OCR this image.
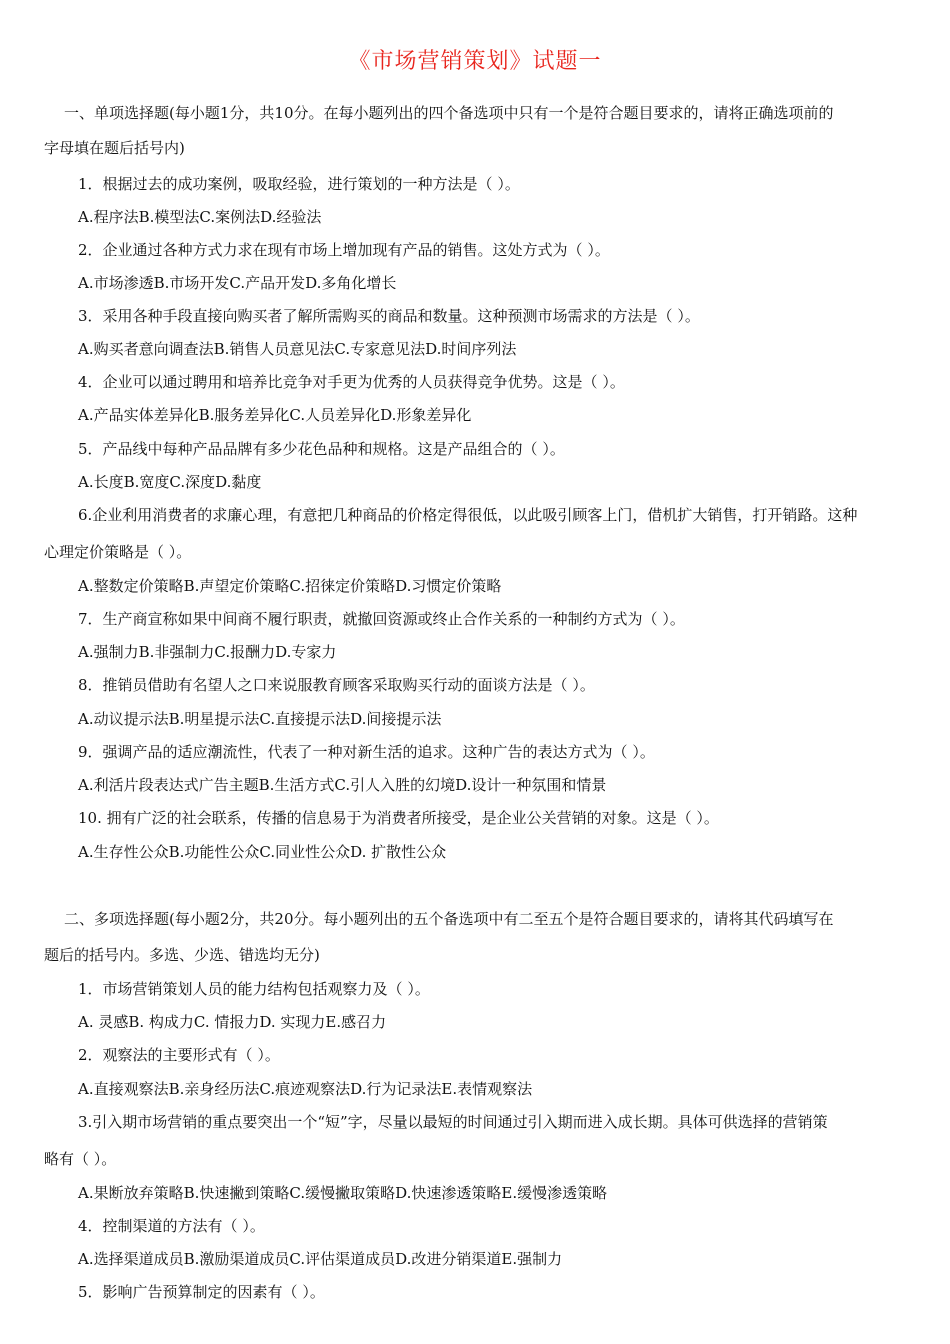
《市场营销策划》试题一
一、单项选择题(每小题1分，共10分。在每小题列出的四个备选项中只有一个是符合题目要求的，请将正确选项前的
字母填在题后括号内)
1．根据过去的成功案例，吸取经验，进行策划的一种方法是（ ）。
A.程序法B.模型法C.案例法D.经验法
2．企业通过各种方式力求在现有市场上增加现有产品的销售。这处方式为（ ）。
A.市场渗透B.市场开发C.产品开发D.多角化增长
3．采用各种手段直接向购买者了解所需购买的商品和数量。这种预测市场需求的方法是（ ）。
A.购买者意向调查法B.销售人员意见法C.专家意见法D.时间序列法
4．企业可以通过聘用和培养比竞争对手更为优秀的人员获得竞争优势。这是（ ）。
A.产品实体差异化B.服务差异化C.人员差异化D.形象差异化
5．产品线中每种产品品牌有多少花色品种和规格。这是产品组合的（ ）。
A.长度B.宽度C.深度D.黏度
6.企业利用消费者的求廉心理，有意把几种商品的价格定得很低，以此吸引顾客上门，借机扩大销售，打开销路。这种
心理定价策略是（ ）。
A.整数定价策略B.声望定价策略C.招徕定价策略D.习惯定价策略
7．生产商宣称如果中间商不履行职责，就撤回资源或终止合作关系的一种制约方式为（ ）。
A.强制力B.非强制力C.报酬力D.专家力
8．推销员借助有名望人之口来说服教育顾客采取购买行动的面谈方法是（ ）。
A.动议提示法B.明星提示法C.直接提示法D.间接提示法
9．强调产品的适应潮流性，代表了一种对新生活的追求。这种广告的表达方式为（ ）。
A.利活片段表达式广告主题B.生活方式C.引人入胜的幻境D.设计一种氛围和情景
10. 拥有广泛的社会联系，传播的信息易于为消费者所接受，是企业公关营销的对象。这是（ ）。
A.生存性公众B.功能性公众C.同业性公众D. 扩散性公众
二、多项选择题(每小题2分，共20分。每小题列出的五个备选项中有二至五个是符合题目要求的，请将其代码填写在
题后的括号内。多选、少选、错选均无分)
1．市场营销策划人员的能力结构包括观察力及（ ）。
A. 灵感B. 构成力C. 情报力D. 实现力E.感召力
2．观察法的主要形式有（ ）。
A.直接观察法B.亲身经历法C.痕迹观察法D.行为记录法E.表情观察法
3.引入期市场营销的重点要突出一个“短”字，尽量以最短的时间通过引入期而进入成长期。具体可供选择的营销策
略有（ ）。
A.果断放弃策略B.快速撇到策略C.缓慢撇取策略D.快速渗透策略E.缓慢渗透策略
4．控制渠道的方法有（ ）。
A.选择渠道成员B.激励渠道成员C.评估渠道成员D.改进分销渠道E.强制力
5．影响广告预算制定的因素有（ ）。
